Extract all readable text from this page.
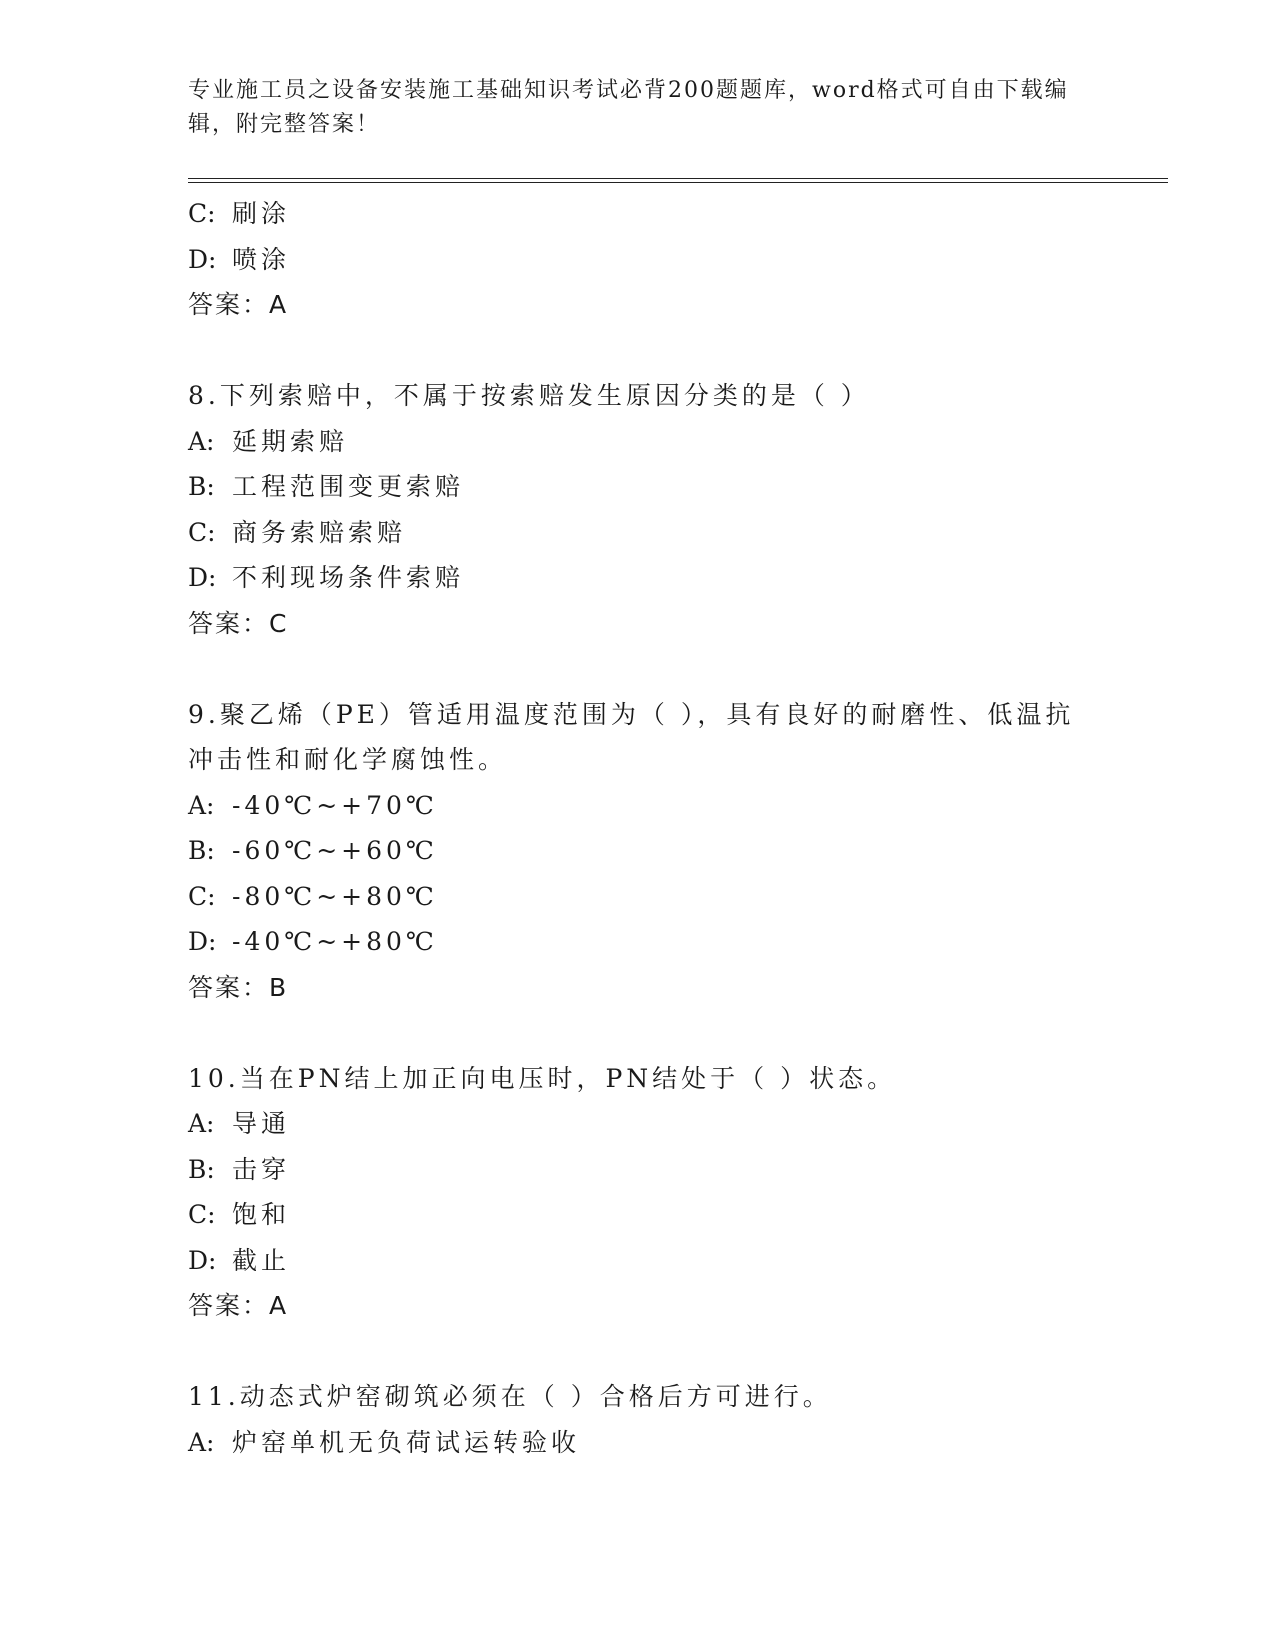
专业施工员之设备安装施工基础知识考试必背200题题库，word格式可自由下载编辑，附完整答案！
C: 刷涂
D: 喷涂
答案：A
8.下列索赔中，不属于按索赔发生原因分类的是（ ）
A: 延期索赔
B: 工程范围变更索赔
C: 商务索赔索赔
D: 不利现场条件索赔
答案：C
9.聚乙烯（PE）管适用温度范围为（ ），具有良好的耐磨性、低温抗
冲击性和耐化学腐蚀性。
A: -40℃~+70℃
B: -60℃~+60℃
C: -80℃~+80℃
D: -40℃~+80℃
答案：B
10.当在PN结上加正向电压时，PN结处于（ ）状态。
A: 导通
B: 击穿
C: 饱和
D: 截止
答案：A
11.动态式炉窑砌筑必须在（ ）合格后方可进行。
A: 炉窑单机无负荷试运转验收
